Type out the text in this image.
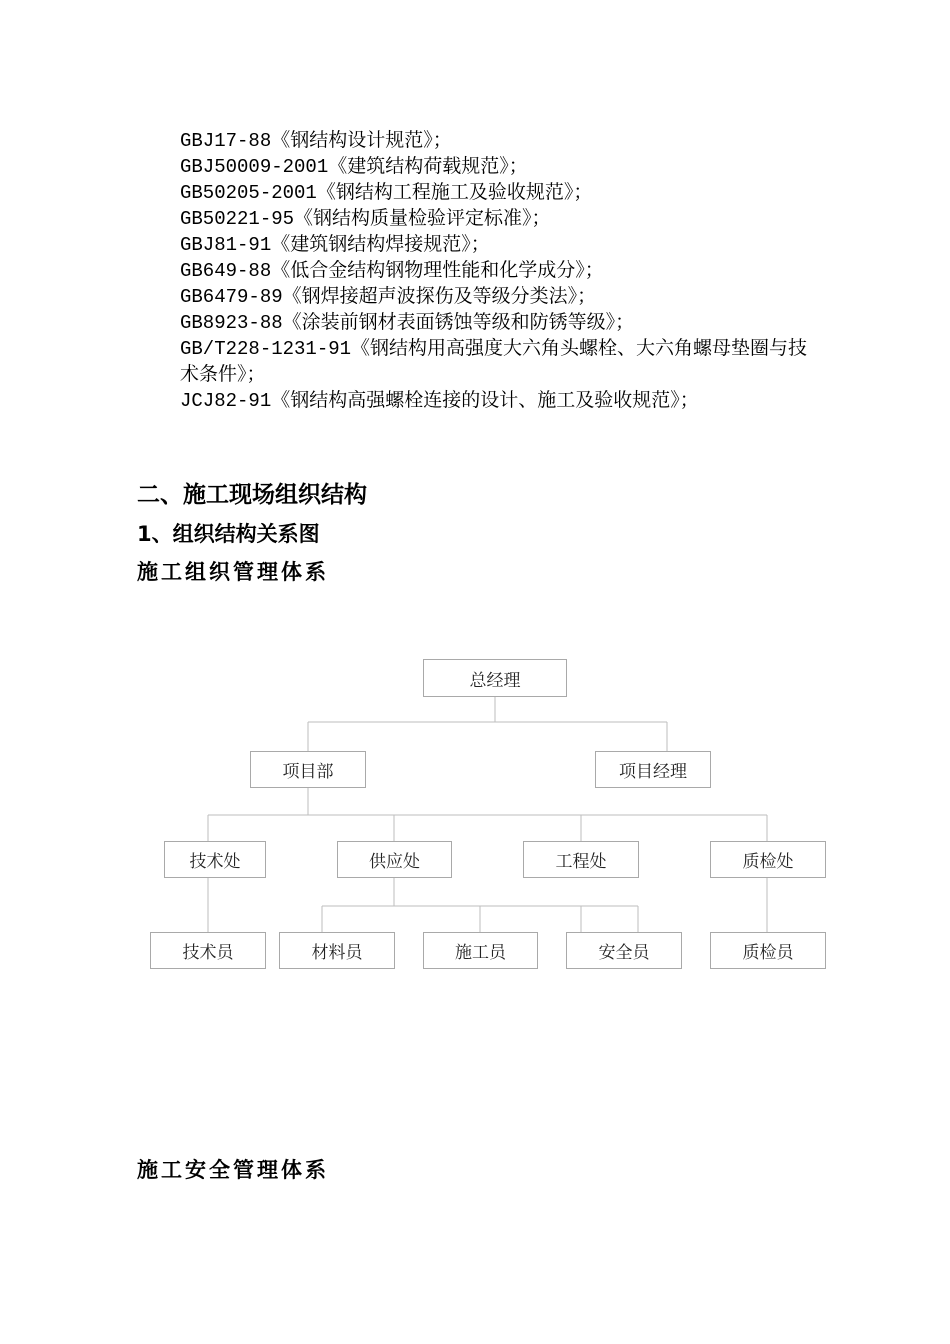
GBJ17-88《钢结构设计规范》；
GBJ50009-2001《建筑结构荷载规范》；
GB50205-2001《钢结构工程施工及验收规范》；
GB50221-95《钢结构质量检验评定标准》；
GBJ81-91《建筑钢结构焊接规范》；
GB649-88《低合金结构钢物理性能和化学成分》；
GB6479-89《钢焊接超声波探伤及等级分类法》；
GB8923-88《涂装前钢材表面锈蚀等级和防锈等级》；
GB/T228-1231-91《钢结构用高强度大六角头螺栓、大六角螺母垫圈与技术条件》；
JCJ82-91《钢结构高强螺栓连接的设计、施工及验收规范》；
二、施工现场组织结构
1、组织结构关系图
施工组织管理体系
总经理
项目部	项目经理
技术处	供应处	工程处	质检处
技术员	材料员	施工员	安全员	质检员
施工安全管理体系
